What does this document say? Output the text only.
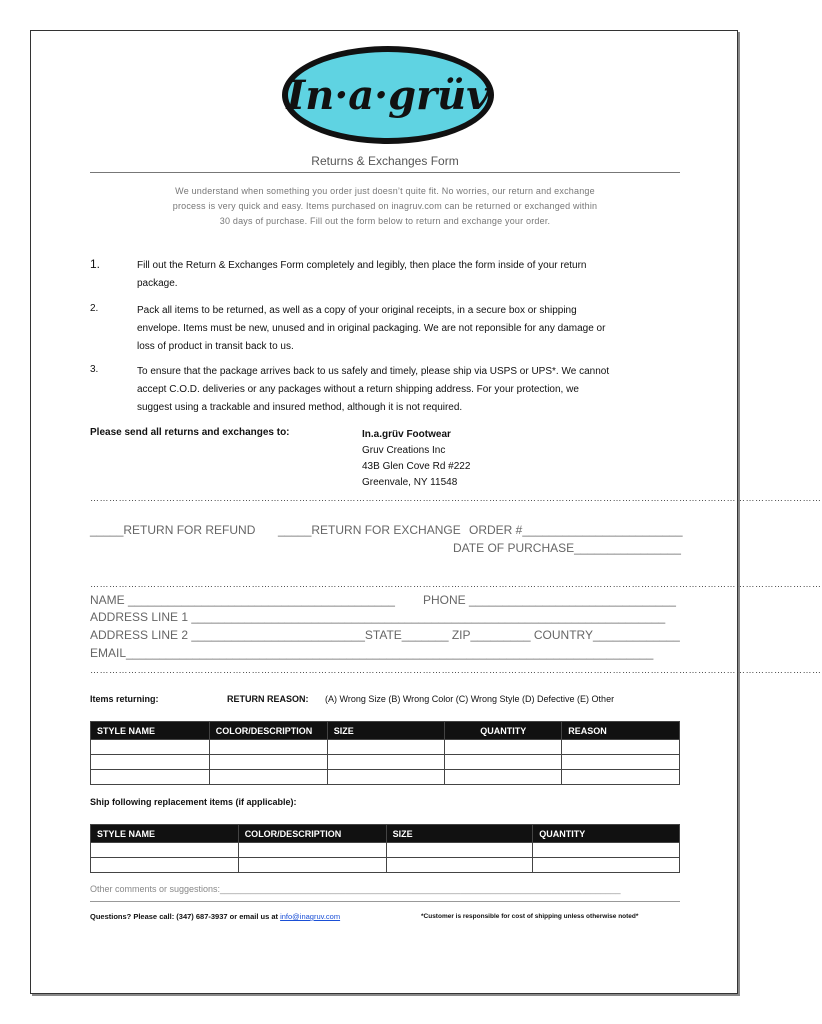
In·a·grüv
Returns & Exchanges Form
We understand when something you order just doesn’t quite fit. No worries, our return and exchange
process is very quick and easy. Items purchased on inagruv.com can be returned or exchanged within
30 days of purchase. Fill out the form below to return and exchange your order.
1.	Fill out the Return & Exchanges Form completely and legibly, then place the form inside of your return
package.
2.	Pack all items to be returned, as well as a copy of your original receipts, in a secure box or shipping
envelope. Items must be new, unused and in original packaging. We are not reponsible for any damage or
loss of product in transit back to us.
3.	To ensure that the package arrives back to us safely and timely, please ship via USPS or UPS*. We cannot
accept C.O.D. deliveries or any packages without a return shipping address. For your protection, we
suggest using a trackable and insured method, although it is not required.
Please send all returns and exchanges to:	In.a.grüv Footwear
Gruv Creations Inc
43B Glen Cove Rd #222
Greenvale, NY 11548
……………………………………………………………………………………………………………………………………………………………………………………………………………
_____RETURN FOR REFUND _____RETURN FOR EXCHANGE ORDER #________________________
DATE OF PURCHASE________________
……………………………………………………………………………………………………………………………………………………………………………………………………………
NAME ________________________________________ PHONE _______________________________
ADDRESS LINE 1 _______________________________________________________________________
ADDRESS LINE 2 __________________________STATE_______ ZIP_________ COUNTRY_____________
EMAIL_______________________________________________________________________________
……………………………………………………………………………………………………………………………………………………………………………………………………………
Items returning:	RETURN REASON: (A) Wrong Size (B) Wrong Color (C) Wrong Style (D) Defective (E) Other
STYLE NAME	COLOR/DESCRIPTION	SIZE	QUANTITY	REASON

Ship following replacement items (if applicable):
STYLE NAME	COLOR/DESCRIPTION	SIZE	QUANTITY

Other comments or suggestions:________________________________________________________________________________
Questions? Please call: (347) 687-3937 or email us at info@inagruv.com	*Customer is responsible for cost of shipping unless otherwise noted*
